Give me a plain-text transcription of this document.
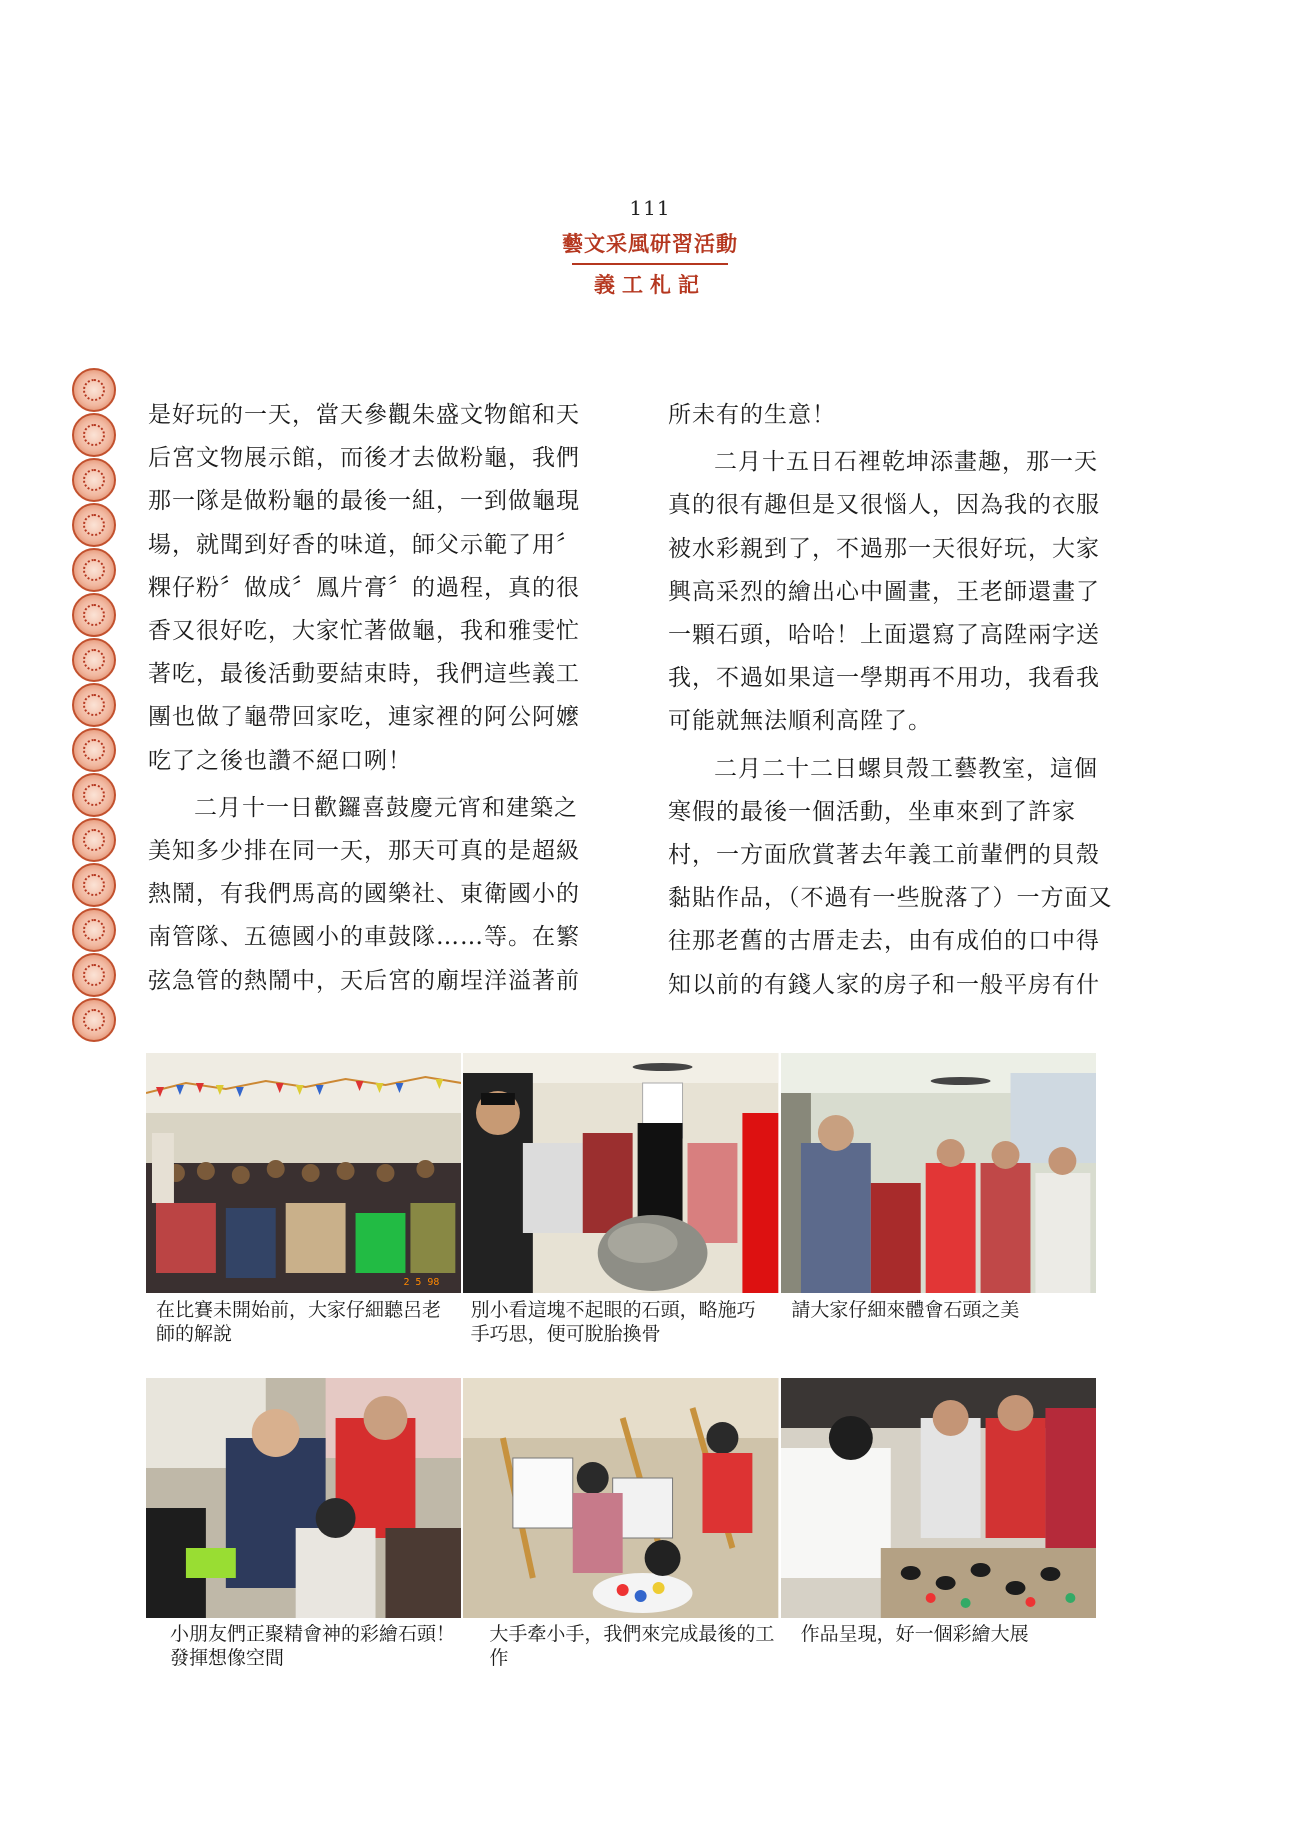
111
藝文采風研習活動
義工札記

是好玩的一天，當天參觀朱盛文物館和天后宮文物展示館，而後才去做粉龜，我們那一隊是做粉龜的最後一組，一到做龜現場，就聞到好香的味道，師父示範了用〞粿仔粉〞做成〞鳳片膏〞的過程，真的很香又很好吃，大家忙著做龜，我和雅雯忙著吃，最後活動要結束時，我們這些義工團也做了龜帶回家吃，連家裡的阿公阿嬤吃了之後也讚不絕口咧！

二月十一日歡鑼喜鼓慶元宵和建築之美知多少排在同一天，那天可真的是超級熱鬧，有我們馬高的國樂社、東衛國小的南管隊、五德國小的車鼓隊……等。在繁弦急管的熱鬧中，天后宮的廟埕洋溢著前

所未有的生意！

二月十五日石裡乾坤添畫趣，那一天真的很有趣但是又很惱人，因為我的衣服被水彩親到了，不過那一天很好玩，大家興高采烈的繪出心中圖畫，王老師還畫了一顆石頭，哈哈！上面還寫了高陞兩字送我，不過如果這一學期再不用功，我看我可能就無法順利高陞了。

二月二十二日螺貝殼工藝教室，這個寒假的最後一個活動，坐車來到了許家村，一方面欣賞著去年義工前輩們的貝殼黏貼作品，（不過有一些脫落了）一方面又往那老舊的古厝走去，由有成伯的口中得知以前的有錢人家的房子和一般平房有什

2 5 98
在比賽未開始前，大家仔細聽呂老師的解說
別小看這塊不起眼的石頭，略施巧手巧思，便可脫胎換骨
請大家仔細來體會石頭之美
小朋友們正聚精會神的彩繪石頭！發揮想像空間
大手牽小手，我們來完成最後的工作
作品呈現，好一個彩繪大展
